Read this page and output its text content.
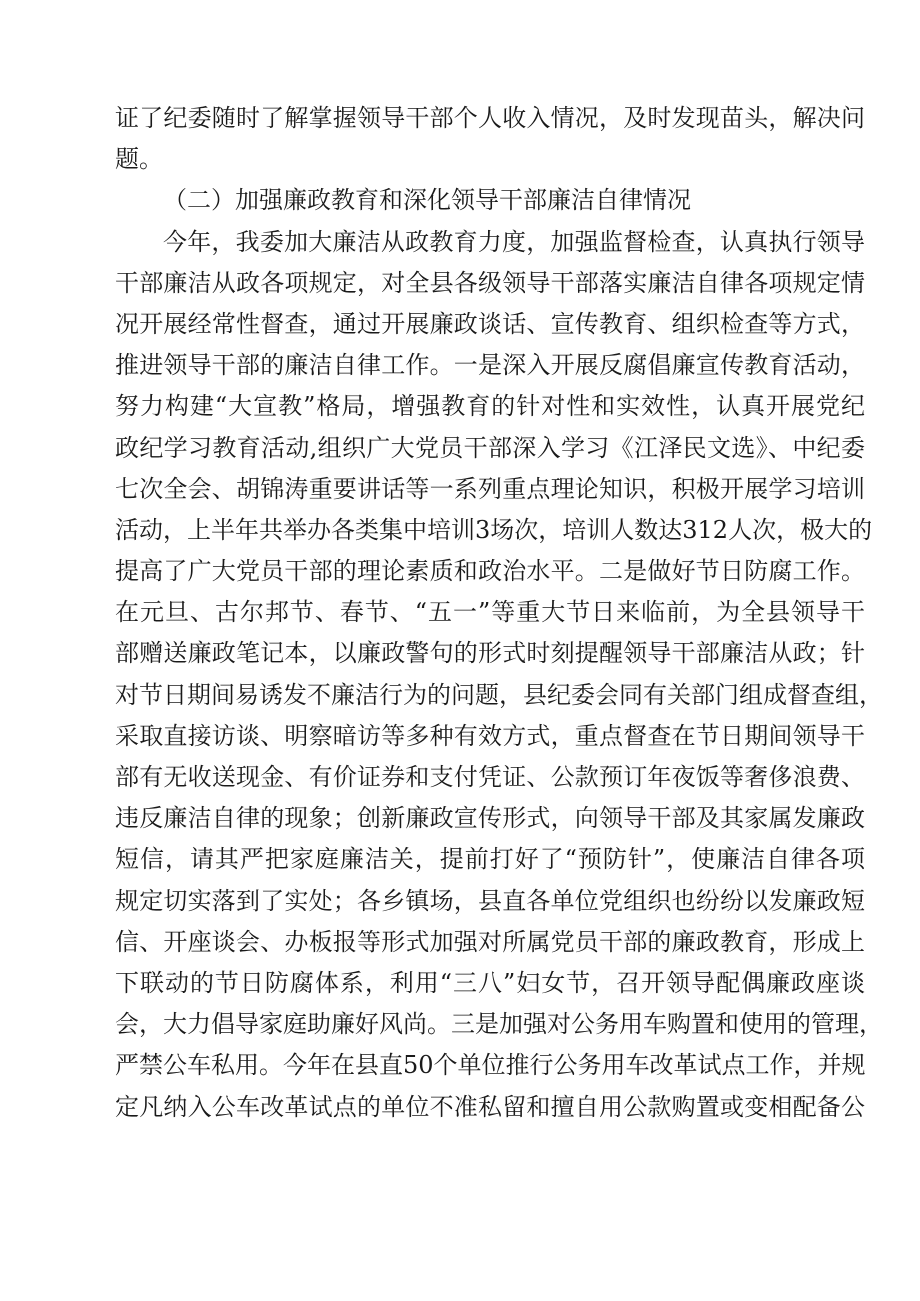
证了纪委随时了解掌握领导干部个人收入情况，及时发现苗头，解决问
题。
（二）加强廉政教育和深化领导干部廉洁自律情况
今年，我委加大廉洁从政教育力度，加强监督检查，认真执行领导
干部廉洁从政各项规定，对全县各级领导干部落实廉洁自律各项规定情
况开展经常性督查，通过开展廉政谈话、宣传教育、组织检查等方式，
推进领导干部的廉洁自律工作。一是深入开展反腐倡廉宣传教育活动，
努力构建“大宣教”格局，增强教育的针对性和实效性，认真开展党纪
政纪学习教育活动,组织广大党员干部深入学习《江泽民文选》、中纪委
七次全会、胡锦涛重要讲话等一系列重点理论知识，积极开展学习培训
活动，上半年共举办各类集中培训3场次，培训人数达312人次，极大的
提高了广大党员干部的理论素质和政治水平。二是做好节日防腐工作。
在元旦、古尔邦节、春节、“五一”等重大节日来临前，为全县领导干
部赠送廉政笔记本，以廉政警句的形式时刻提醒领导干部廉洁从政；针
对节日期间易诱发不廉洁行为的问题，县纪委会同有关部门组成督查组，
采取直接访谈、明察暗访等多种有效方式，重点督查在节日期间领导干
部有无收送现金、有价证券和支付凭证、公款预订年夜饭等奢侈浪费、
违反廉洁自律的现象；创新廉政宣传形式，向领导干部及其家属发廉政
短信，请其严把家庭廉洁关，提前打好了“预防针”，使廉洁自律各项
规定切实落到了实处；各乡镇场，县直各单位党组织也纷纷以发廉政短
信、开座谈会、办板报等形式加强对所属党员干部的廉政教育，形成上
下联动的节日防腐体系，利用“三八”妇女节，召开领导配偶廉政座谈
会，大力倡导家庭助廉好风尚。三是加强对公务用车购置和使用的管理，
严禁公车私用。今年在县直50个单位推行公务用车改革试点工作，并规
定凡纳入公车改革试点的单位不准私留和擅自用公款购置或变相配备公
